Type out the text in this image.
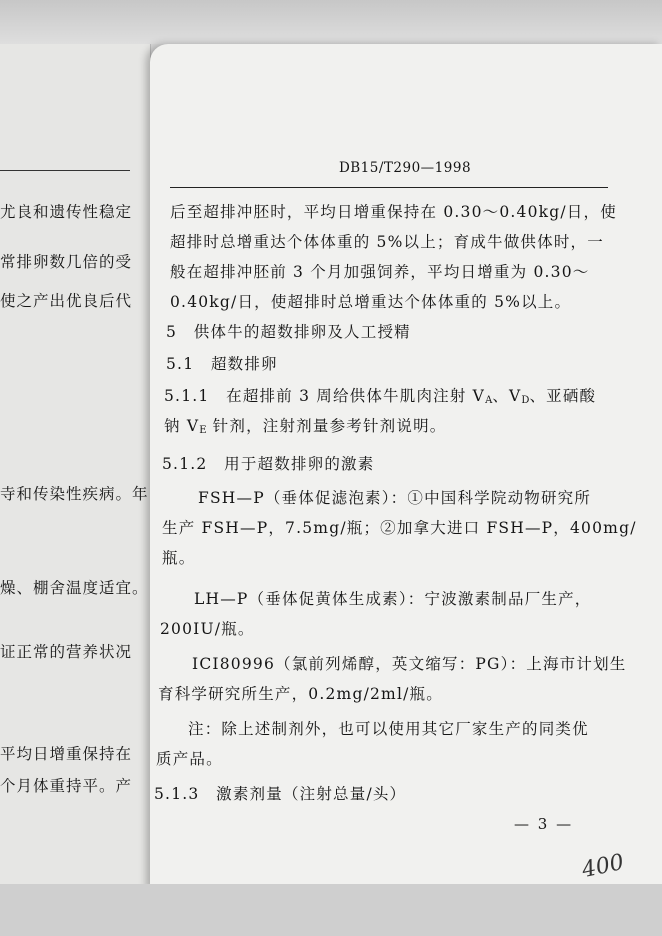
尤良和遗传性稳定
常排卵数几倍的受
使之产出优良后代
寺和传染性疾病。年
燥、棚舍温度适宜。
证正常的营养状况
平均日增重保持在
个月体重持平。产
DB15/T290—1998
后至超排冲胚时，平均日增重保持在 0.30～0.40kg/日，使
超排时总增重达个体体重的 5%以上；育成牛做供体时，一
般在超排冲胚前 3 个月加强饲养，平均日增重为 0.30～
0.40kg/日，使超排时总增重达个体体重的 5%以上。
5　供体牛的超数排卵及人工授精
5.1　超数排卵
5.1.1　在超排前 3 周给供体牛肌肉注射 $V_A$、$V_D$、亚硒酸
钠 $V_E$ 针剂，注射剂量参考针剂说明。
5.1.2　用于超数排卵的激素
FSH—P（垂体促滤泡素）：①中国科学院动物研究所
生产 FSH—P，7.5mg/瓶；②加拿大进口 FSH—P，400mg/
瓶。
LH—P（垂体促黄体生成素）：宁波激素制品厂生产，
200IU/瓶。
ICI80996（氯前列烯醇，英文缩写：PG）：上海市计划生
育科学研究所生产，0.2mg/2ml/瓶。
注：除上述制剂外，也可以使用其它厂家生产的同类优
质产品。
5.1.3　激素剂量（注射总量/头）
— 3 —
400
